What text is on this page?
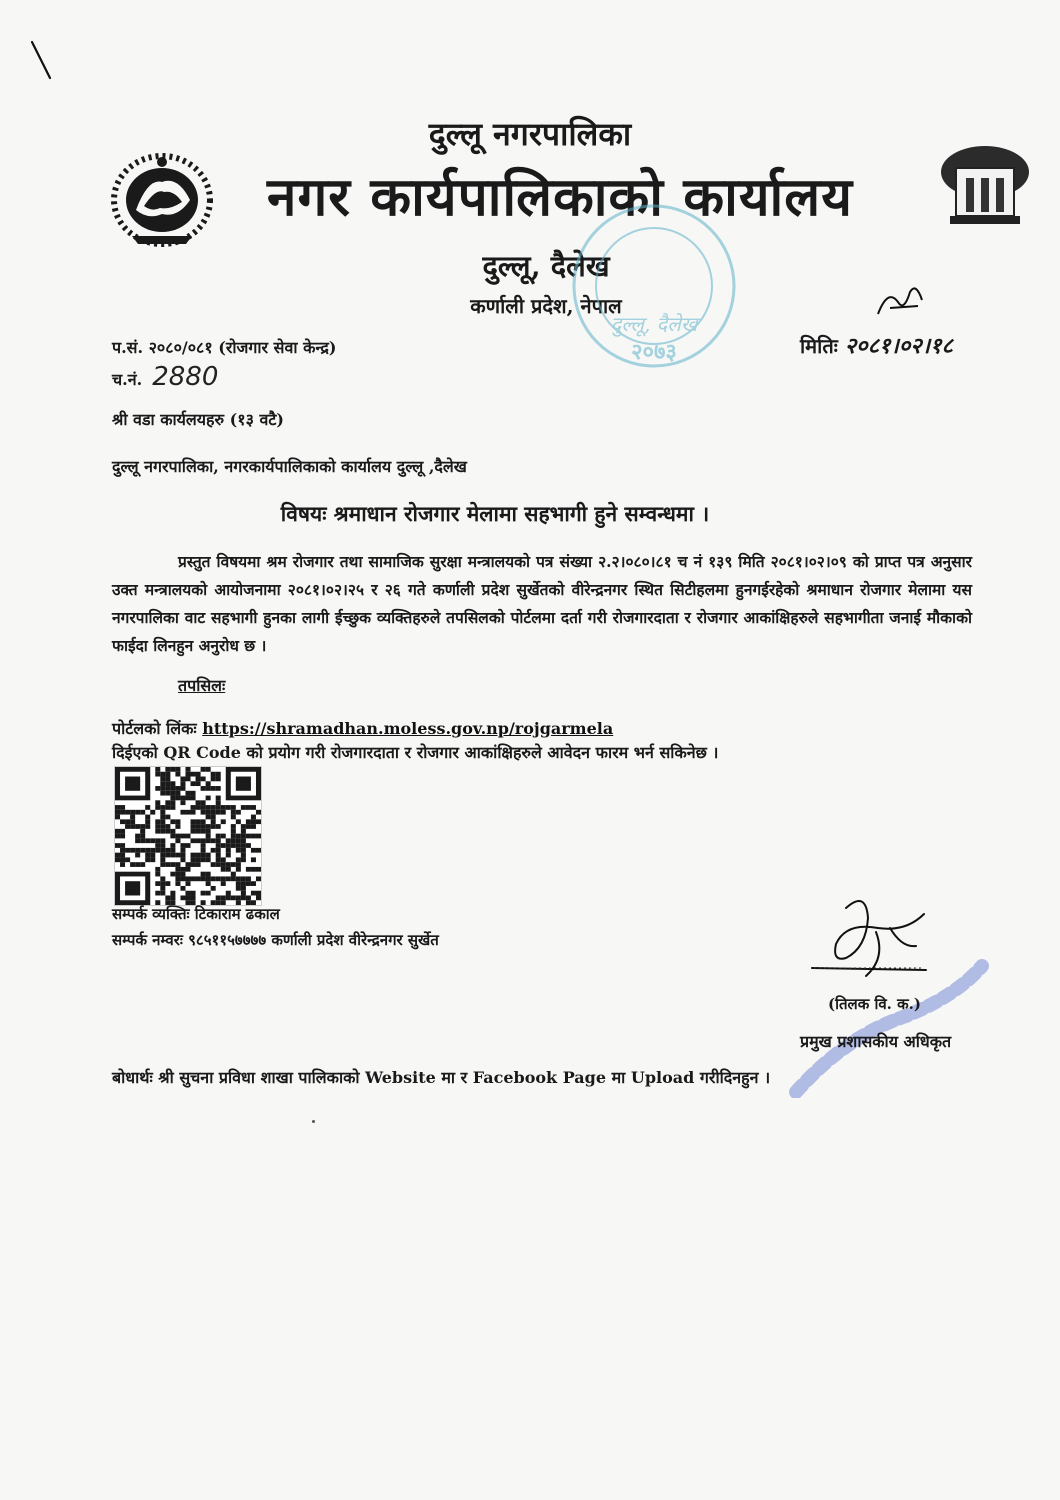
दुल्लू नगरपालिका
नगर कार्यपालिकाको कार्यालय
दुल्लू, दैलेख
कर्णाली प्रदेश, नेपाल
दुल्लू, दैलेख
२०७३
प.सं. २०८०/०८१ (रोजगार सेवा केन्द्र)
च.नं. 2880
मितिः २०८१।०२।१८
श्री वडा कार्यलयहरु (१३ वटै)
दुल्लू नगरपालिका, नगरकार्यपालिकाको कार्यालय दुल्लू ,दैलेख
विषयः श्रमाधान रोजगार मेलामा सहभागी हुने सम्वन्धमा ।
प्रस्तुत विषयमा श्रम रोजगार तथा सामाजिक सुरक्षा मन्त्रालयको पत्र संख्या २.२।०८०।८१ च नं १३९ मिति २०८१।०२।०९ को प्राप्त पत्र अनुसार उक्त मन्त्रालयको आयोजनामा २०८१।०२।२५ र २६ गते कर्णाली प्रदेश सुर्खेतको वीरेन्द्रनगर स्थित सिटीहलमा हुनगईरहेको श्रमाधान रोजगार मेलामा यस नगरपालिका वाट सहभागी हुनका लागी ईच्छुक व्यक्तिहरुले तपसिलको पोर्टलमा दर्ता गरी रोजगारदाता र रोजगार आकांक्षिहरुले सहभागीता जनाई मौकाको फाईदा लिनहुन अनुरोध छ ।
तपसिलः
पोर्टलको लिंकः https://shramadhan.moless.gov.np/rojgarmela
दिईएको QR Code को प्रयोग गरी रोजगारदाता र रोजगार आकांक्षिहरुले आवेदन फारम भर्न सकिनेछ ।
सम्पर्क व्यक्तिः टिकाराम ढकाल
सम्पर्क नम्वरः ९८५११५७७७७ कर्णाली प्रदेश वीरेन्द्रनगर सुर्खेत
(तिलक वि. क.)
प्रमुख प्रशासकीय अधिकृत
बोधार्थः श्री सुचना प्रविधा शाखा पालिकाको Website मा र Facebook Page मा Upload गरीदिनहुन ।
